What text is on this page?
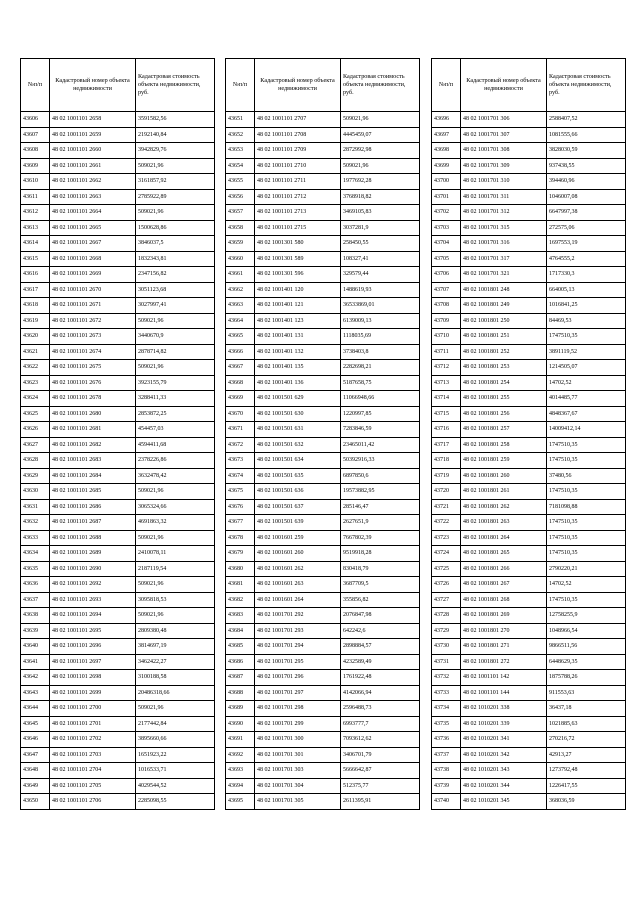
№п/п	Кадастровый номер объекта недвижимости	Кадастровая стоимость объекта недвижимости, руб.
43606	48 02 1001101 2658	3591582,56
43607	48 02 1001101 2659	2192140,84
43608	48 02 1001101 2660	3942829,76
43609	48 02 1001101 2661	509021,96
43610	48 02 1001101 2662	3161857,92
43611	48 02 1001101 2663	2785922,89
43612	48 02 1001101 2664	509021,96
43613	48 02 1001101 2665	1500628,86
43614	48 02 1001101 2667	3846037,5
43615	48 02 1001101 2668	1832343,81
43616	48 02 1001101 2669	2347156,82
43617	48 02 1001101 2670	3051123,68
43618	48 02 1001101 2671	3027997,41
43619	48 02 1001101 2672	509021,96
43620	48 02 1001101 2673	3440670,9
43621	48 02 1001101 2674	2878714,82
43622	48 02 1001101 2675	509021,96
43623	48 02 1001101 2676	3923155,79
43624	48 02 1001101 2678	3288411,33
43625	48 02 1001101 2680	2853872,25
43626	48 02 1001101 2681	454457,03
43627	48 02 1001101 2682	4594411,68
43628	48 02 1001101 2683	2378226,86
43629	48 02 1001101 2684	3632478,42
43630	48 02 1001101 2685	509021,96
43631	48 02 1001101 2686	3065324,66
43632	48 02 1001101 2687	4691863,32
43633	48 02 1001101 2688	509021,96
43634	48 02 1001101 2689	2410078,11
43635	48 02 1001101 2690	2187119,54
43636	48 02 1001101 2692	509021,96
43637	48 02 1001101 2693	3095818,53
43638	48 02 1001101 2694	509021,96
43639	48 02 1001101 2695	2809380,48
43640	48 02 1001101 2696	3814697,19
43641	48 02 1001101 2697	3462422,27
43642	48 02 1001101 2698	3100188,58
43643	48 02 1001101 2699	20486318,66
43644	48 02 1001101 2700	509021,96
43645	48 02 1001101 2701	2177442,84
43646	48 02 1001101 2702	3895660,66
43647	48 02 1001101 2703	1651923,22
43648	48 02 1001101 2704	1016533,71
43649	48 02 1001101 2705	4029544,52
43650	48 02 1001101 2706	2285098,55
№п/п	Кадастровый номер объекта недвижимости	Кадастровая стоимость объекта недвижимости, руб.
43651	48 02 1001101 2707	509021,96
43652	48 02 1001101 2708	4445459,07
43653	48 02 1001101 2709	2872992,98
43654	48 02 1001101 2710	509021,96
43655	48 02 1001101 2711	1977692,28
43656	48 02 1001101 2712	3768918,82
43657	48 02 1001101 2713	3469105,83
43658	48 02 1001101 2715	3037281,9
43659	48 02 1001301 580	258450,55
43660	48 02 1001301 589	108327,41
43661	48 02 1001301 596	329579,44
43662	48 02 1001401 120	1488619,93
43663	48 02 1001401 121	36533869,01
43664	48 02 1001401 123	6139009,13
43665	48 02 1001401 131	1118035,69
43666	48 02 1001401 132	3738403,8
43667	48 02 1001401 135	2282698,21
43668	48 02 1001401 136	5187658,75
43669	48 02 1001501 629	11066948,66
43670	48 02 1001501 630	1220997,85
43671	48 02 1001501 631	7283846,59
43672	48 02 1001501 632	23465011,42
43673	48 02 1001501 634	50392916,33
43674	48 02 1001501 635	6897850,6
43675	48 02 1001501 636	19573882,95
43676	48 02 1001501 637	285146,47
43677	48 02 1001501 639	2627651,9
43678	48 02 1001601 259	7667802,39
43679	48 02 1001601 260	9519918,28
43680	48 02 1001601 262	830418,79
43681	48 02 1001601 263	3687709,5
43682	48 02 1001601 264	355856,82
43683	48 02 1001701 292	2076847,98
43684	48 02 1001701 293	642242,6
43685	48 02 1001701 294	2898884,57
43686	48 02 1001701 295	4232589,49
43687	48 02 1001701 296	1761922,48
43688	48 02 1001701 297	4142066,94
43689	48 02 1001701 298	2596488,73
43690	48 02 1001701 299	6993777,7
43691	48 02 1001701 300	7093612,62
43692	48 02 1001701 301	3406701,79
43693	48 02 1001701 303	5666642,87
43694	48 02 1001701 304	512375,77
43695	48 02 1001701 305	2611395,91
№п/п	Кадастровый номер объекта недвижимости	Кадастровая стоимость объекта недвижимости, руб.
43696	48 02 1001701 306	2588407,52
43697	48 02 1001701 307	1081555,66
43698	48 02 1001701 308	3828030,59
43699	48 02 1001701 309	937438,55
43700	48 02 1001701 310	394460,96
43701	48 02 1001701 311	1046007,08
43702	48 02 1001701 312	6647997,38
43703	48 02 1001701 315	272575,06
43704	48 02 1001701 316	1697553,19
43705	48 02 1001701 317	4764555,2
43706	48 02 1001701 321	1717330,3
43707	48 02 1001801 248	664005,13
43708	48 02 1001801 249	1016841,25
43709	48 02 1001801 250	84469,53
43710	48 02 1001801 251	1747510,35
43711	48 02 1001801 252	3891119,52
43712	48 02 1001801 253	1214505,07
43713	48 02 1001801 254	14702,52
43714	48 02 1001801 255	4014485,77
43715	48 02 1001801 256	4848367,67
43716	48 02 1001801 257	14009412,14
43717	48 02 1001801 258	1747510,35
43718	48 02 1001801 259	1747510,35
43719	48 02 1001801 260	37480,56
43720	48 02 1001801 261	1747510,35
43721	48 02 1001801 262	7181098,88
43722	48 02 1001801 263	1747510,35
43723	48 02 1001801 264	1747510,35
43724	48 02 1001801 265	1747510,35
43725	48 02 1001801 266	2790220,21
43726	48 02 1001801 267	14702,52
43727	48 02 1001801 268	1747510,35
43728	48 02 1001801 269	12758255,9
43729	48 02 1001801 270	1048966,54
43730	48 02 1001801 271	9866511,56
43731	48 02 1001801 272	6448629,35
43732	48 02 1001101 142	1875788,26
43733	48 02 1001101 144	911553,63
43734	48 02 1010201 338	36437,18
43735	48 02 1010201 339	1021885,63
43736	48 02 1010201 341	270216,72
43737	48 02 1010201 342	42913,27
43738	48 02 1010201 343	1273792,48
43739	48 02 1010201 344	1226417,55
43740	48 02 1010201 345	368036,59
